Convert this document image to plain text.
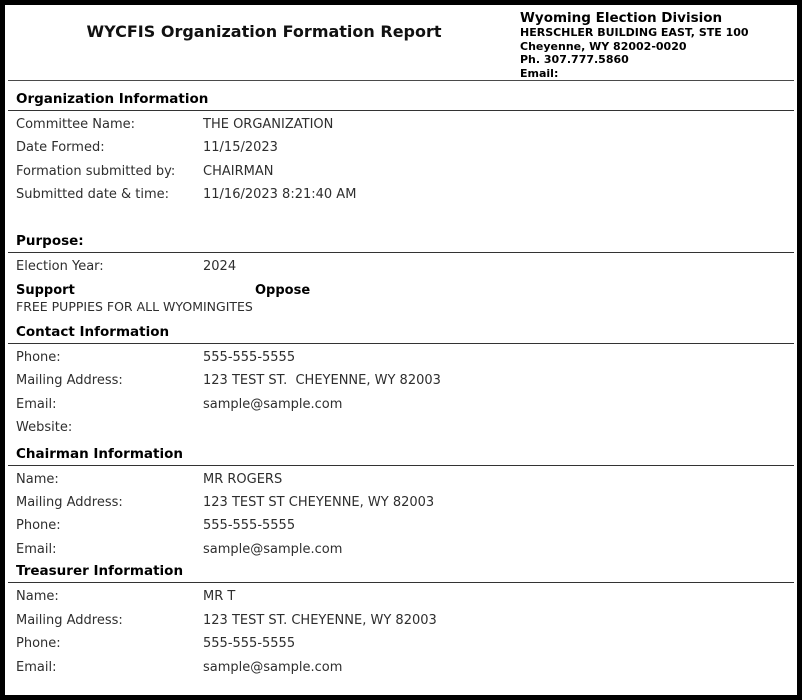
WYCFIS Organization Formation Report
Wyoming Election Division
HERSCHLER BUILDING EAST, STE 100
Cheyenne, WY 82002-0020
Ph. 307.777.5860
Email:
Organization Information
Committee Name:	THE ORGANIZATION
Date Formed:	11/15/2023
Formation submitted by:	CHAIRMAN
Submitted date & time:	11/16/2023 8:21:40 AM
Purpose:
Election Year:	2024
Support
FREE PUPPIES FOR ALL WYOMINGITES
Oppose
Contact Information
Phone:	555-555-5555
Mailing Address:	123 TEST ST.  CHEYENNE, WY 82003
Email:	sample@sample.com
Website:
Chairman Information
Name:	MR ROGERS
Mailing Address:	123 TEST ST CHEYENNE, WY 82003
Phone:	555-555-5555
Email:	sample@sample.com
Treasurer Information
Name:	MR T
Mailing Address:	123 TEST ST. CHEYENNE, WY 82003
Phone:	555-555-5555
Email:	sample@sample.com
